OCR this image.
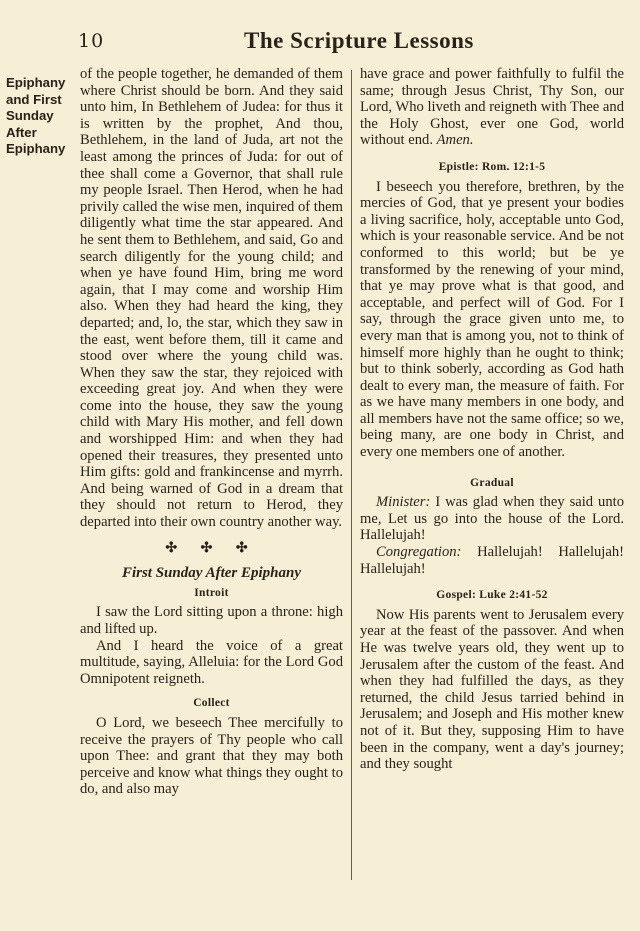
10	The Scripture Lessons
Epiphany
and First
Sunday
After
Epiphany

of the people together, he demanded of them where Christ should be born. And they said unto him, In Bethlehem of Judea: for thus it is written by the prophet, And thou, Bethlehem, in the land of Juda, art not the least among the princes of Juda: for out of thee shall come a Governor, that shall rule my people Israel. Then Herod, when he had privily called the wise men, inquired of them diligently what time the star appeared. And he sent them to Bethlehem, and said, Go and search diligently for the young child; and when ye have found Him, bring me word again, that I may come and worship Him also. When they had heard the king, they departed; and, lo, the star, which they saw in the east, went before them, till it came and stood over where the young child was. When they saw the star, they rejoiced with exceeding great joy. And when they were come into the house, they saw the young child with Mary His mother, and fell down and worshipped Him: and when they had opened their treasures, they presented unto Him gifts: gold and frankincense and myrrh. And being warned of God in a dream that they should not return to Herod, they departed into their own country another way.

✣ ✣ ✣
First Sunday After Epiphany
Introit

I saw the Lord sitting upon a throne: high and lifted up.

And I heard the voice of a great multitude, saying, Alleluia: for the Lord God Omnipotent reigneth.

Collect

O Lord, we beseech Thee mercifully to receive the prayers of Thy people who call upon Thee: and grant that they may both perceive and know what things they ought to do, and also may

have grace and power faithfully to fulfil the same; through Jesus Christ, Thy Son, our Lord, Who liveth and reigneth with Thee and the Holy Ghost, ever one God, world without end. Amen.

Epistle: Rom. 12:1-5

I beseech you therefore, brethren, by the mercies of God, that ye present your bodies a living sacrifice, holy, acceptable unto God, which is your reasonable service. And be not conformed to this world; but be ye transformed by the renewing of your mind, that ye may prove what is that good, and acceptable, and perfect will of God. For I say, through the grace given unto me, to every man that is among you, not to think of himself more highly than he ought to think; but to think soberly, according as God hath dealt to every man, the measure of faith. For as we have many members in one body, and all members have not the same office; so we, being many, are one body in Christ, and every one members one of another.

Gradual

Minister: I was glad when they said unto me, Let us go into the house of the Lord. Hallelujah!

Congregation: Hallelujah! Hallelujah! Hallelujah!

Gospel: Luke 2:41-52

Now His parents went to Jerusalem every year at the feast of the passover. And when He was twelve years old, they went up to Jerusalem after the custom of the feast. And when they had fulfilled the days, as they returned, the child Jesus tarried behind in Jerusalem; and Joseph and His mother knew not of it. But they, supposing Him to have been in the company, went a day's journey; and they sought
